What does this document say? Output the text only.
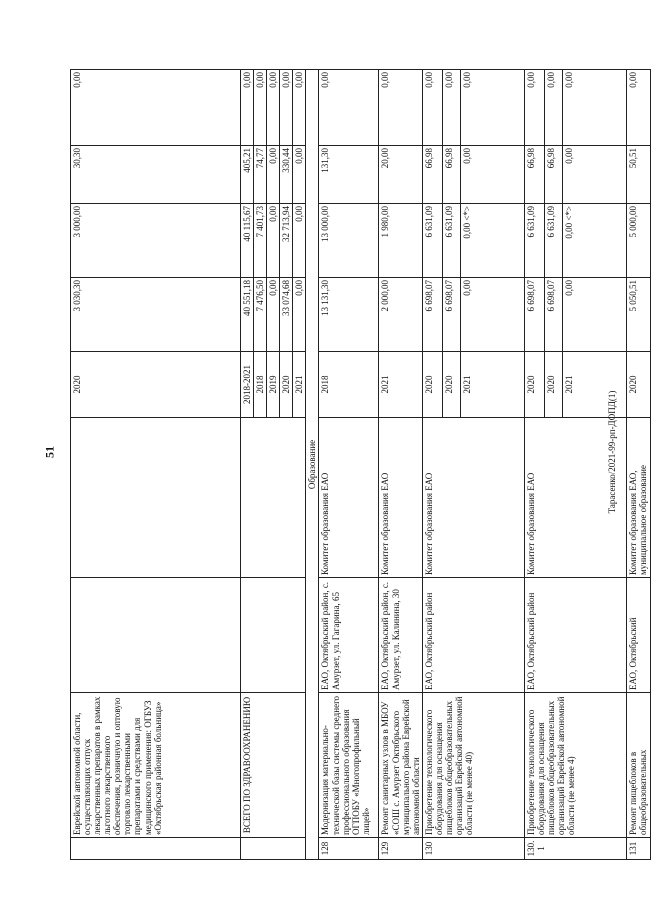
51	Тарасенко/2021-99-рп-ДОПД(1)
	Еврейской автономной области, осуществляющих отпуск лекарственных препаратов в рамках льготного лекарственного обеспечения, розничную и оптовую торговлю лекарственными препаратами и средствами для медицинского применения: ОГБУЗ «Октябрьская районная больница»			2020	3 030,30	3 000,00	30,30	0,00
	ВСЕГО ПО ЗДРАВООХРАНЕНИЮ			2018-2021	40 551,18	40 115,67	405,21	0,00
				2018	7 476,50	7 401,73	74,77	0,00
				2019	0,00	0,00	0,00	0,00
				2020	33 074,68	32 713,94	330,44	0,00
				2021	0,00	0,00	0,00	0,00
Образование								
128	Модернизация материально-технической базы системы среднего профессионального образования ОГПОБУ «Многопрофильный лицей»	ЕАО, Октябрьский район, с. Амурзет, ул. Гагарина, 65	Комитет образования ЕАО	2018	13 131,30	13 000,00	131,30	0,00
129	Ремонт санитарных узлов в МБОУ «СОШ с. Амурзет Октябрьского муниципального района Еврейской автономной области	ЕАО, Октябрьский район, с. Амурзет, ул. Калинина, 30	Комитет образования ЕАО	2021	2 000,00	1 980,00	20,00	0,00
130	Приобретение технологического оборудования для оснащения пищеблоков общеобразовательных организаций Еврейской автономной области (не менее 40)	ЕАО, Октябрьский район	Комитет образования ЕАО	2020	6 698,07	6 631,09	66,98	0,00
				2020	6 698,07	6 631,09	66,98	0,00
				2021	0,00	0,00 <*>	0,00	0,00
130.1	Приобретение технологического оборудования для оснащения пищеблоков общеобразовательных организаций Еврейской автономной области (не менее 4)	ЕАО, Октябрьский район	Комитет образования ЕАО	2020	6 698,07	6 631,09	66,98	0,00
				2020	6 698,07	6 631,09	66,98	0,00
				2021	0,00	0,00 <*>	0,00	0,00
131	Ремонт пищеблоков в общеобразовательных	ЕАО, Октябрьский	Комитет образования ЕАО, муниципальное образование	2020	5 050,51	5 000,00	50,51	0,00
